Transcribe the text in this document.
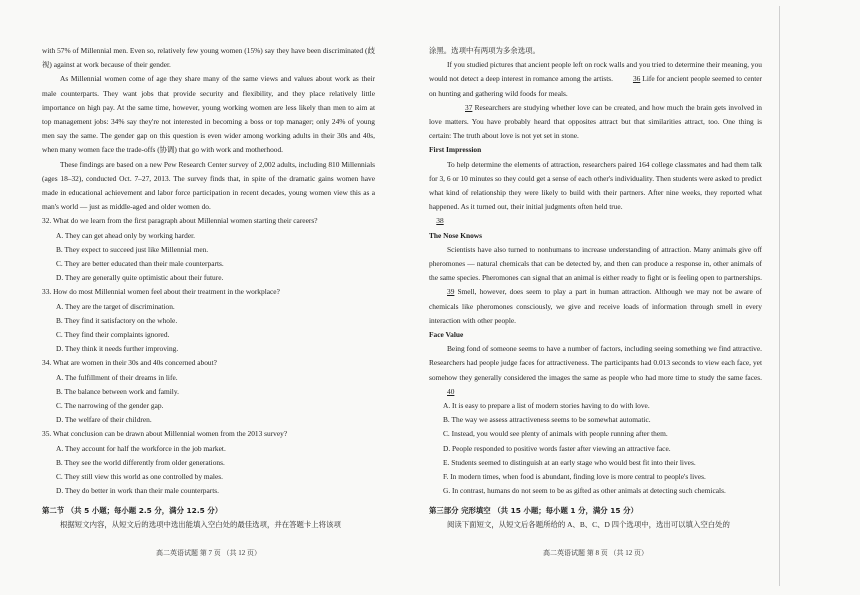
with 57% of Millennial men. Even so, relatively few young women (15%) say they have been discriminated (歧视) against at work because of their gender.

As Millennial women come of age they share many of the same views and values about work as their male counterparts. They want jobs that provide security and flexibility, and they place relatively little importance on high pay. At the same time, however, young working women are less likely than men to aim at top management jobs: 34% say they're not interested in becoming a boss or top manager; only 24% of young men say the same. The gender gap on this question is even wider among working adults in their 30s and 40s, when many women face the trade-offs (协调) that go with work and motherhood.

These findings are based on a new Pew Research Center survey of 2,002 adults, including 810 Millennials (ages 18–32), conducted Oct. 7–27, 2013. The survey finds that, in spite of the dramatic gains women have made in educational achievement and labor force participation in recent decades, young women view this as a man's world — just as middle-aged and older women do.

32. What do we learn from the first paragraph about Millennial women starting their careers?

A. They can get ahead only by working harder.

B. They expect to succeed just like Millennial men.

C. They are better educated than their male counterparts.

D. They are generally quite optimistic about their future.

33. How do most Millennial women feel about their treatment in the workplace?

A. They are the target of discrimination.

B. They find it satisfactory on the whole.

C. They find their complaints ignored.

D. They think it needs further improving.

34. What are women in their 30s and 40s concerned about?

A. The fulfillment of their dreams in life.

B. The balance between work and family.

C. The narrowing of the gender gap.

D. The welfare of their children.

35. What conclusion can be drawn about Millennial women from the 2013 survey?

A. They account for half the workforce in the job market.

B. They see the world differently from older generations.

C. They still view this world as one controlled by males.

D. They do better in work than their male counterparts.

第二节 （共 5 小题；每小题 2.5 分，满分 12.5 分）

根据短文内容，从短文后的选项中选出能填入空白处的最佳选项，并在答题卡上将该项

涂黑。选项中有两项为多余选项。

If you studied pictures that ancient people left on rock walls and you tried to determine their meaning, you would not detect a deep interest in romance among the artists. 36 Life for ancient people seemed to center on hunting and gathering wild foods for meals.

37 Researchers are studying whether love can be created, and how much the brain gets involved in love matters. You have probably heard that opposites attract but that similarities attract, too. One thing is certain: The truth about love is not yet set in stone.

First Impression

To help determine the elements of attraction, researchers paired 164 college classmates and had them talk for 3, 6 or 10 minutes so they could get a sense of each other's individuality. Then students were asked to predict what kind of relationship they were likely to build with their partners. After nine weeks, they reported what happened. As it turned out, their initial judgments often held true.

38

The Nose Knows

Scientists have also turned to nonhumans to increase understanding of attraction. Many animals give off pheromones — natural chemicals that can be detected by, and then can produce a response in, other animals of the same species. Pheromones can signal that an animal is either ready to fight or is feeling open to partnerships. 39 Smell, however, does seem to play a part in human attraction. Although we may not be aware of chemicals like pheromones consciously, we give and receive loads of information through smell in every interaction with other people.

Face Value

Being fond of someone seems to have a number of factors, including seeing something we find attractive. Researchers had people judge faces for attractiveness. The participants had 0.013 seconds to view each face, yet somehow they generally considered the images the same as people who had more time to study the same faces. 40

A. It is easy to prepare a list of modern stories having to do with love.

B. The way we assess attractiveness seems to be somewhat automatic.

C. Instead, you would see plenty of animals with people running after them.

D. People responded to positive words faster after viewing an attractive face.

E. Students seemed to distinguish at an early stage who would best fit into their lives.

F. In modern times, when food is abundant, finding love is more central to people's lives.

G. In contrast, humans do not seem to be as gifted as other animals at detecting such chemicals.

第三部分 完形填空 （共 15 小题；每小题 1 分，满分 15 分）

阅读下面短文，从短文后各题所给的 A、B、C、D 四个选项中，选出可以填入空白处的

高二英语试题 第 7 页 （共 12 页）	高二英语试题 第 8 页 （共 12 页）
